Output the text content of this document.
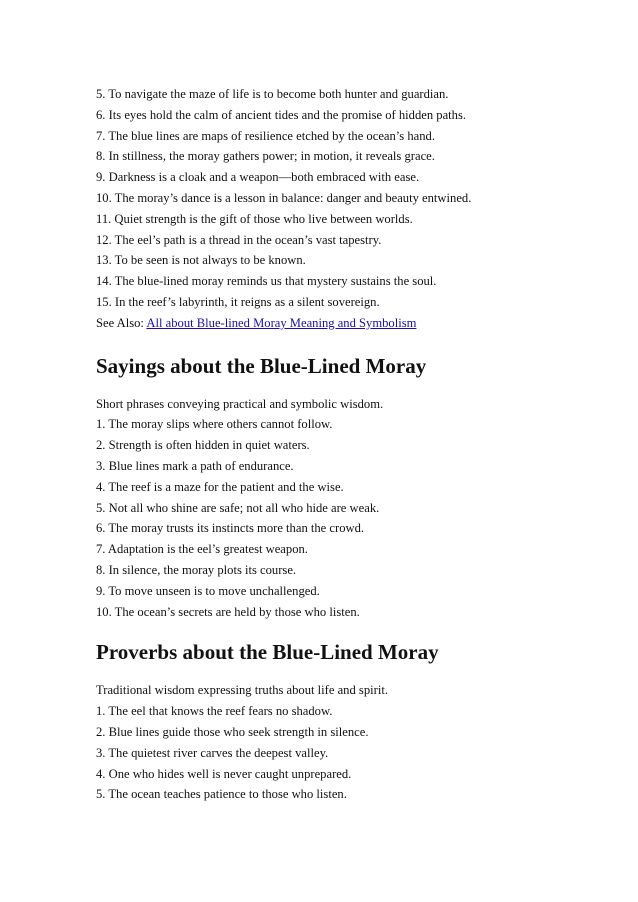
5. To navigate the maze of life is to become both hunter and guardian.
6. Its eyes hold the calm of ancient tides and the promise of hidden paths.
7. The blue lines are maps of resilience etched by the ocean’s hand.
8. In stillness, the moray gathers power; in motion, it reveals grace.
9. Darkness is a cloak and a weapon—both embraced with ease.
10. The moray’s dance is a lesson in balance: danger and beauty entwined.
11. Quiet strength is the gift of those who live between worlds.
12. The eel’s path is a thread in the ocean’s vast tapestry.
13. To be seen is not always to be known.
14. The blue-lined moray reminds us that mystery sustains the soul.
15. In the reef’s labyrinth, it reigns as a silent sovereign.
See Also: All about Blue-lined Moray Meaning and Symbolism
Sayings about the Blue-Lined Moray
Short phrases conveying practical and symbolic wisdom.
1. The moray slips where others cannot follow.
2. Strength is often hidden in quiet waters.
3. Blue lines mark a path of endurance.
4. The reef is a maze for the patient and the wise.
5. Not all who shine are safe; not all who hide are weak.
6. The moray trusts its instincts more than the crowd.
7. Adaptation is the eel’s greatest weapon.
8. In silence, the moray plots its course.
9. To move unseen is to move unchallenged.
10. The ocean’s secrets are held by those who listen.
Proverbs about the Blue-Lined Moray
Traditional wisdom expressing truths about life and spirit.
1. The eel that knows the reef fears no shadow.
2. Blue lines guide those who seek strength in silence.
3. The quietest river carves the deepest valley.
4. One who hides well is never caught unprepared.
5. The ocean teaches patience to those who listen.
